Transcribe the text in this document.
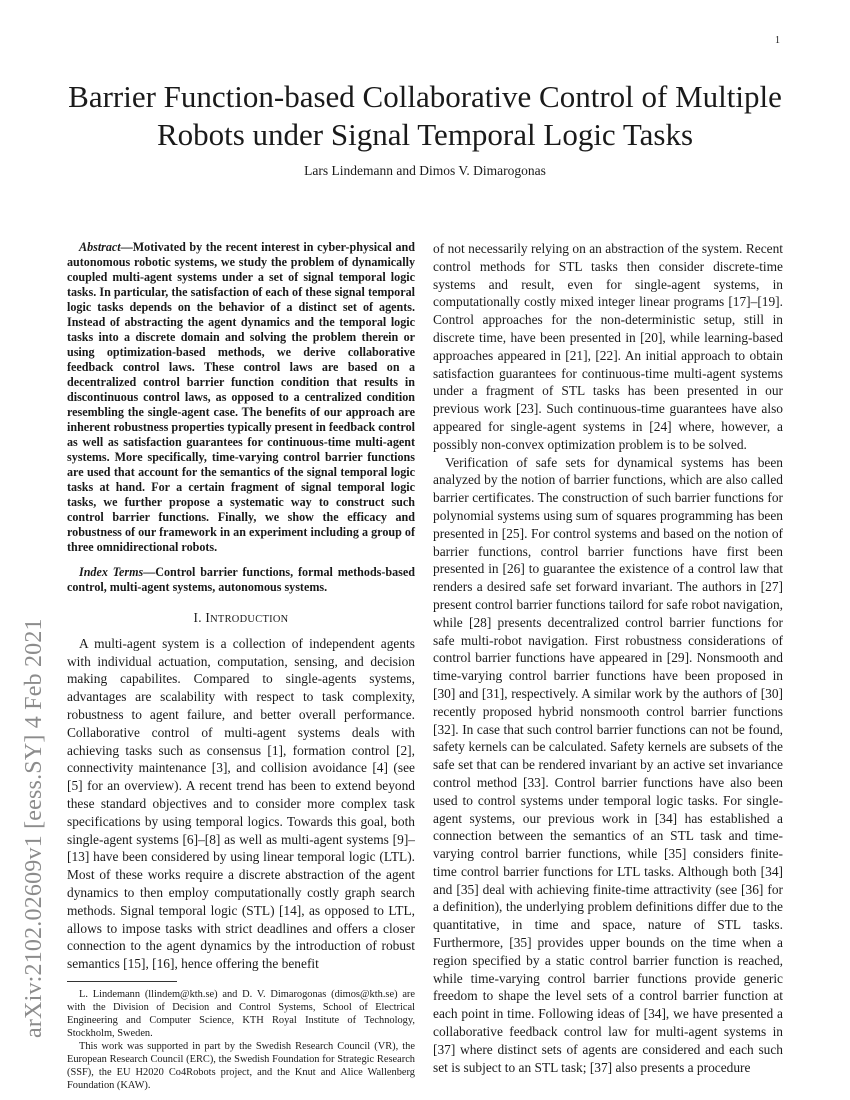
1
arXiv:2102.02609v1 [eess.SY] 4 Feb 2021
Barrier Function-based Collaborative Control of Multiple Robots under Signal Temporal Logic Tasks
Lars Lindemann and Dimos V. Dimarogonas

Abstract—Motivated by the recent interest in cyber-physical and autonomous robotic systems, we study the problem of dynamically coupled multi-agent systems under a set of signal temporal logic tasks. In particular, the satisfaction of each of these signal temporal logic tasks depends on the behavior of a distinct set of agents. Instead of abstracting the agent dynamics and the temporal logic tasks into a discrete domain and solving the problem therein or using optimization-based methods, we derive collaborative feedback control laws. These control laws are based on a decentralized control barrier function condition that results in discontinuous control laws, as opposed to a centralized condition resembling the single-agent case. The benefits of our approach are inherent robustness properties typically present in feedback control as well as satisfaction guarantees for continuous-time multi-agent systems. More specifically, time-varying control barrier functions are used that account for the semantics of the signal temporal logic tasks at hand. For a certain fragment of signal temporal logic tasks, we further propose a systematic way to construct such control barrier functions. Finally, we show the efficacy and robustness of our framework in an experiment including a group of three omnidirectional robots.

Index Terms—Control barrier functions, formal methods-based control, multi-agent systems, autonomous systems.

I. INTRODUCTION

A multi-agent system is a collection of independent agents with individual actuation, computation, sensing, and decision making capabilites. Compared to single-agents systems, advantages are scalability with respect to task complexity, robustness to agent failure, and better overall performance. Collaborative control of multi-agent systems deals with achieving tasks such as consensus [1], formation control [2], connectivity maintenance [3], and collision avoidance [4] (see [5] for an overview). A recent trend has been to extend beyond these standard objectives and to consider more complex task specifications by using temporal logics. Towards this goal, both single-agent systems [6]–[8] as well as multi-agent systems [9]–[13] have been considered by using linear temporal logic (LTL). Most of these works require a discrete abstraction of the agent dynamics to then employ computationally costly graph search methods. Signal temporal logic (STL) [14], as opposed to LTL, allows to impose tasks with strict deadlines and offers a closer connection to the agent dynamics by the introduction of robust semantics [15], [16], hence offering the benefit

L. Lindemann (llindem@kth.se) and D. V. Dimarogonas (dimos@kth.se) are with the Division of Decision and Control Systems, School of Electrical Engineering and Computer Science, KTH Royal Institute of Technology, Stockholm, Sweden.

This work was supported in part by the Swedish Research Council (VR), the European Research Council (ERC), the Swedish Foundation for Strategic Research (SSF), the EU H2020 Co4Robots project, and the Knut and Alice Wallenberg Foundation (KAW).

of not necessarily relying on an abstraction of the system. Recent control methods for STL tasks then consider discrete-time systems and result, even for single-agent systems, in computationally costly mixed integer linear programs [17]–[19]. Control approaches for the non-deterministic setup, still in discrete time, have been presented in [20], while learning-based approaches appeared in [21], [22]. An initial approach to obtain satisfaction guarantees for continuous-time multi-agent systems under a fragment of STL tasks has been presented in our previous work [23]. Such continuous-time guarantees have also appeared for single-agent systems in [24] where, however, a possibly non-convex optimization problem is to be solved.

Verification of safe sets for dynamical systems has been analyzed by the notion of barrier functions, which are also called barrier certificates. The construction of such barrier functions for polynomial systems using sum of squares programming has been presented in [25]. For control systems and based on the notion of barrier functions, control barrier functions have first been presented in [26] to guarantee the existence of a control law that renders a desired safe set forward invariant. The authors in [27] present control barrier functions tailord for safe robot navigation, while [28] presents decentralized control barrier functions for safe multi-robot navigation. First robustness considerations of control barrier functions have appeared in [29]. Nonsmooth and time-varying control barrier functions have been proposed in [30] and [31], respectively. A similar work by the authors of [30] recently proposed hybrid nonsmooth control barrier functions [32]. In case that such control barrier functions can not be found, safety kernels can be calculated. Safety kernels are subsets of the safe set that can be rendered invariant by an active set invariance control method [33]. Control barrier functions have also been used to control systems under temporal logic tasks. For single-agent systems, our previous work in [34] has established a connection between the semantics of an STL task and time-varying control barrier functions, while [35] considers finite-time control barrier functions for LTL tasks. Although both [34] and [35] deal with achieving finite-time attractivity (see [36] for a definition), the underlying problem definitions differ due to the quantitative, in time and space, nature of STL tasks. Furthermore, [35] provides upper bounds on the time when a region specified by a static control barrier function is reached, while time-varying control barrier functions provide generic freedom to shape the level sets of a control barrier function at each point in time. Following ideas of [34], we have presented a collaborative feedback control law for multi-agent systems in [37] where distinct sets of agents are considered and each such set is subject to an STL task; [37] also presents a procedure
